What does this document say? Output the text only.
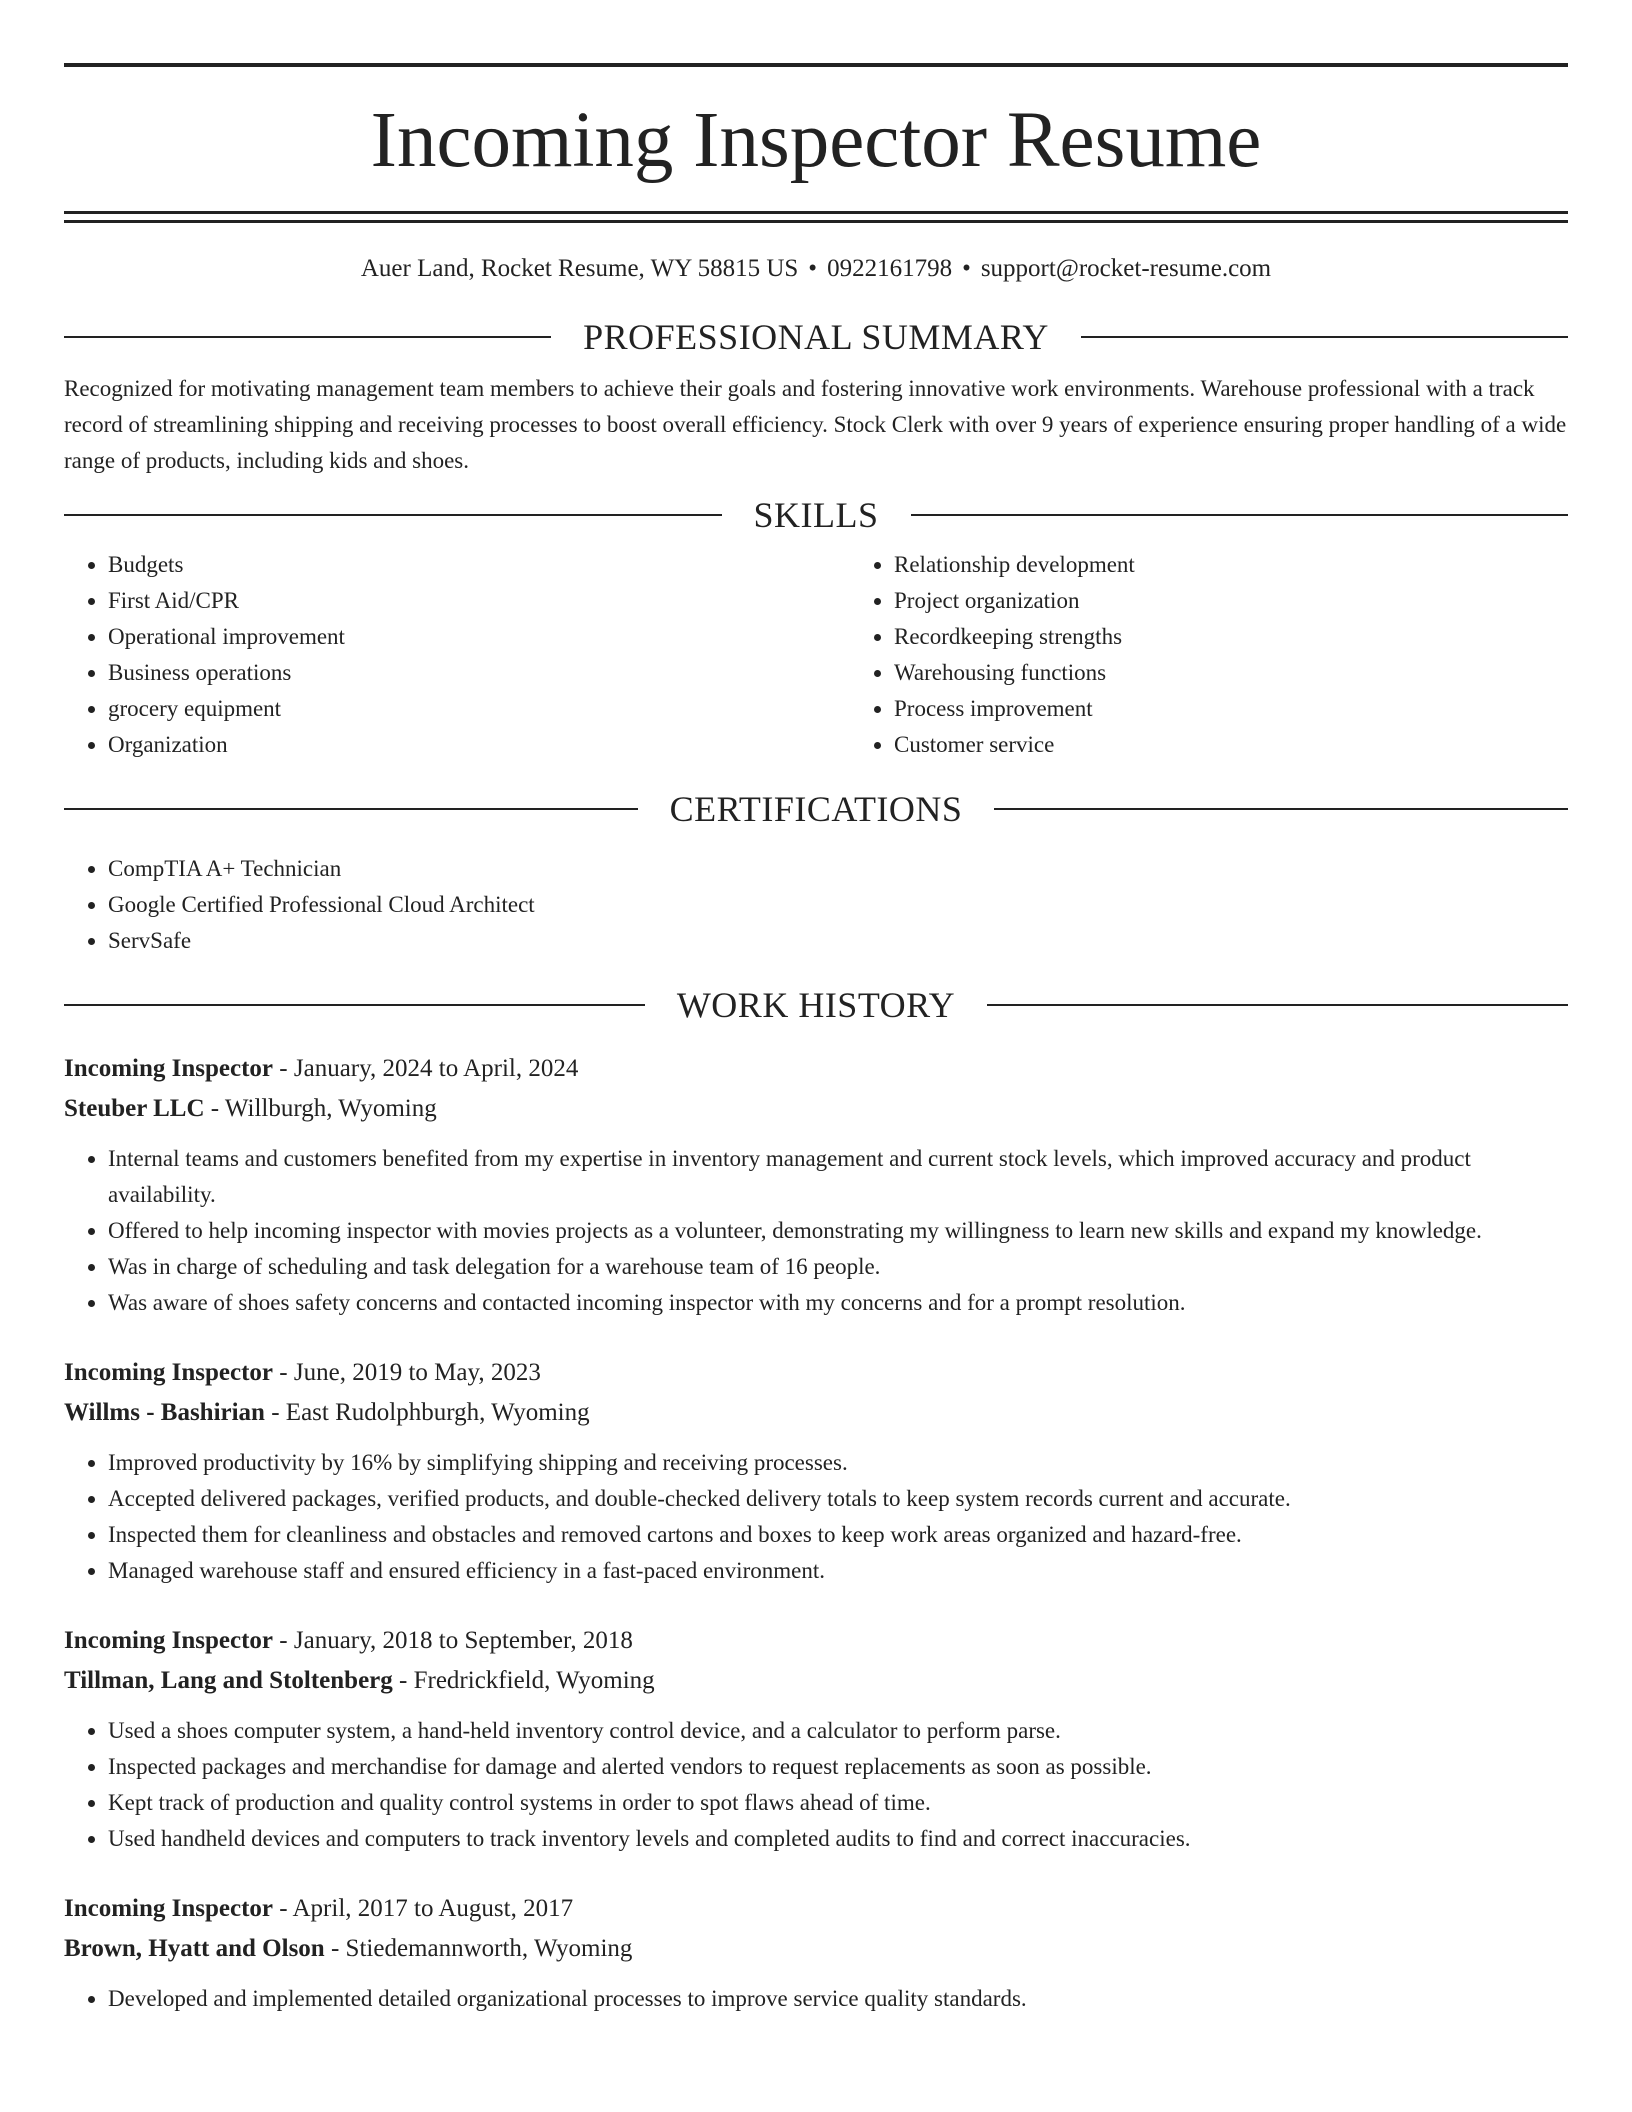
Incoming Inspector Resume
Auer Land, Rocket Resume, WY 58815 US • 0922161798 • support@rocket-resume.com
PROFESSIONAL SUMMARY
Recognized for motivating management team members to achieve their goals and fostering innovative work environments. Warehouse professional with a track record of streamlining shipping and receiving processes to boost overall efficiency. Stock Clerk with over 9 years of experience ensuring proper handling of a wide range of products, including kids and shoes.
SKILLS
• Budgets
• First Aid/CPR
• Operational improvement
• Business operations
• grocery equipment
• Organization
• Relationship development
• Project organization
• Recordkeeping strengths
• Warehousing functions
• Process improvement
• Customer service
CERTIFICATIONS
• CompTIA A+ Technician
• Google Certified Professional Cloud Architect
• ServSafe
WORK HISTORY
Incoming Inspector - January, 2024 to April, 2024
Steuber LLC - Willburgh, Wyoming
• Internal teams and customers benefited from my expertise in inventory management and current stock levels, which improved accuracy and product availability.
• Offered to help incoming inspector with movies projects as a volunteer, demonstrating my willingness to learn new skills and expand my knowledge.
• Was in charge of scheduling and task delegation for a warehouse team of 16 people.
• Was aware of shoes safety concerns and contacted incoming inspector with my concerns and for a prompt resolution.
Incoming Inspector - June, 2019 to May, 2023
Willms - Bashirian - East Rudolphburgh, Wyoming
• Improved productivity by 16% by simplifying shipping and receiving processes.
• Accepted delivered packages, verified products, and double-checked delivery totals to keep system records current and accurate.
• Inspected them for cleanliness and obstacles and removed cartons and boxes to keep work areas organized and hazard-free.
• Managed warehouse staff and ensured efficiency in a fast-paced environment.
Incoming Inspector - January, 2018 to September, 2018
Tillman, Lang and Stoltenberg - Fredrickfield, Wyoming
• Used a shoes computer system, a hand-held inventory control device, and a calculator to perform parse.
• Inspected packages and merchandise for damage and alerted vendors to request replacements as soon as possible.
• Kept track of production and quality control systems in order to spot flaws ahead of time.
• Used handheld devices and computers to track inventory levels and completed audits to find and correct inaccuracies.
Incoming Inspector - April, 2017 to August, 2017
Brown, Hyatt and Olson - Stiedemannworth, Wyoming
• Developed and implemented detailed organizational processes to improve service quality standards.
